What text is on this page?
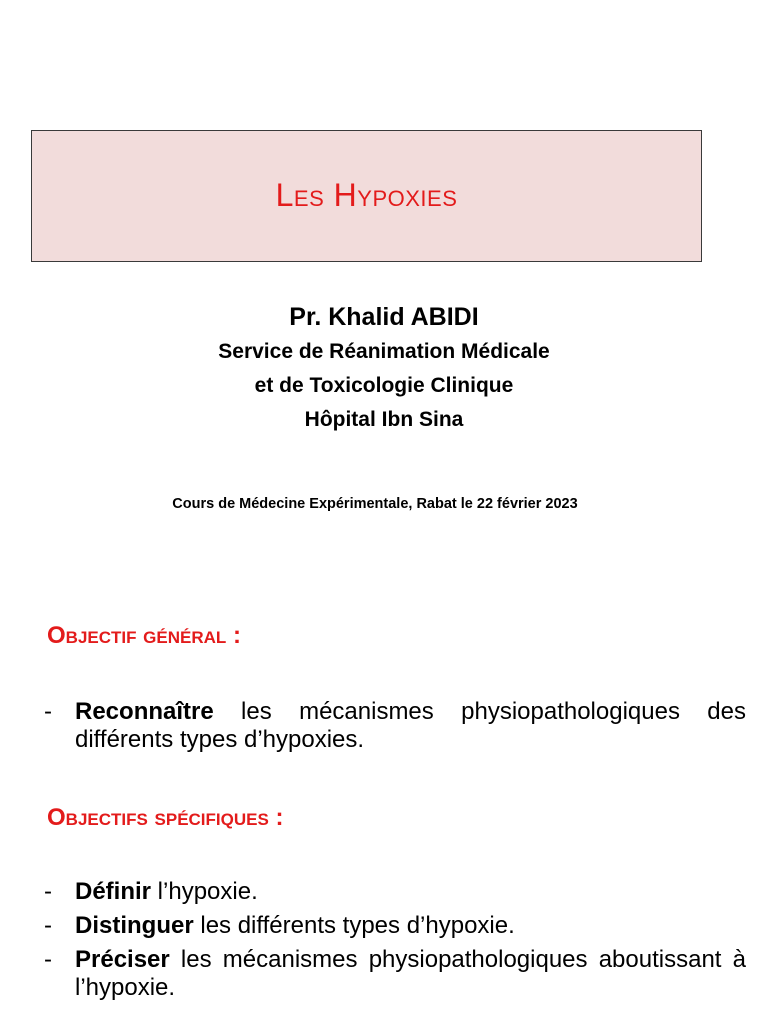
Les Hypoxies
Pr. Khalid ABIDI
Service de Réanimation Médicale
et de Toxicologie Clinique
Hôpital Ibn Sina
Cours de Médecine Expérimentale, Rabat le 22 février 2023
Objectif général :
- Reconnaître les mécanismes physiopathologiques des différents types d’hypoxies.
Objectifs spécifiques :
- Définir l’hypoxie.
- Distinguer les différents types d’hypoxie.
- Préciser les mécanismes physiopathologiques aboutissant à l’hypoxie.
